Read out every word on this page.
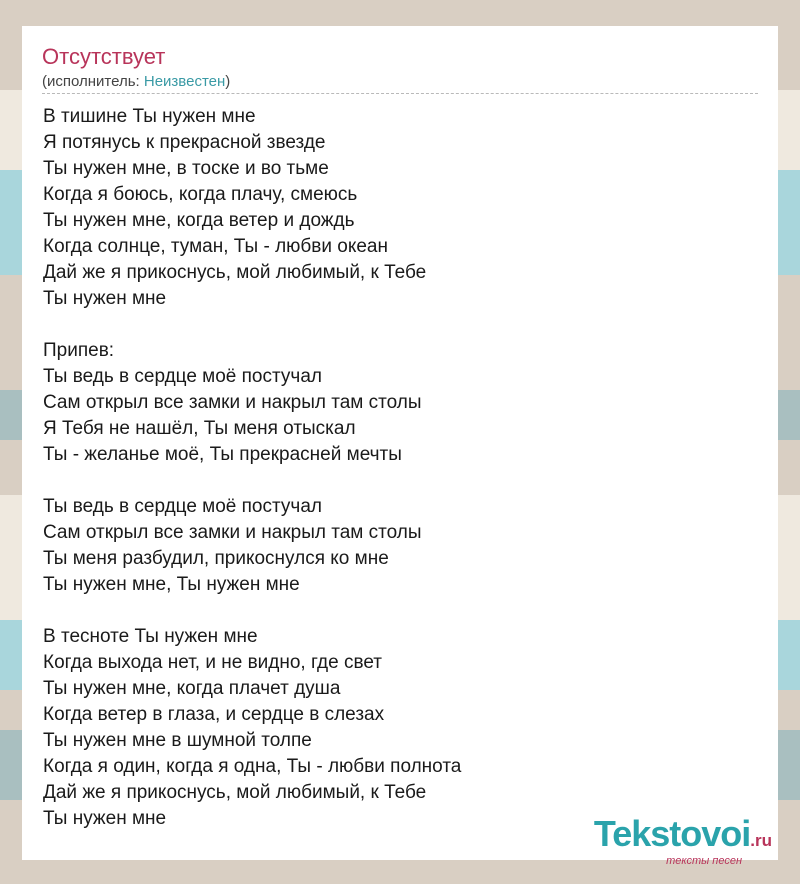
Отсутствует
(исполнитель: Неизвестен)
В тишине Ты нужен мне
Я потянусь к прекрасной звезде
Ты нужен мне, в тоске и во тьме
Когда я боюсь, когда плачу, смеюсь
Ты нужен мне, когда ветер и дождь
Когда солнце, туман, Ты - любви океан
Дай же я прикоснусь, мой любимый, к Тебе
Ты нужен мне
Припев:
Ты ведь в сердце моё постучал
Сам открыл все замки и накрыл там столы
Я Тебя не нашёл, Ты меня отыскал
Ты - желанье моё, Ты прекрасней мечты
Ты ведь в сердце моё постучал
Сам открыл все замки и накрыл там столы
Ты меня разбудил, прикоснулся ко мне
Ты нужен мне, Ты нужен мне
В тесноте Ты нужен мне
Когда выхода нет, и не видно, где свет
Ты нужен мне, когда плачет душа
Когда ветер в глаза, и сердце в слезах
Ты нужен мне в шумной толпе
Когда я один, когда я одна, Ты - любви полнота
Дай же я прикоснусь, мой любимый, к Тебе
Ты нужен мне	Tekstovoi.ru
тексты песен
